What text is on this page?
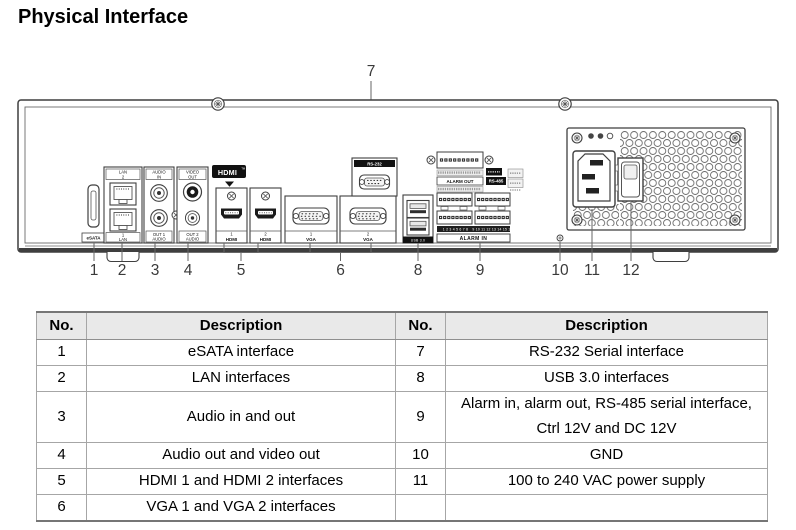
Physical Interface
7
eSATA
LAN
2
1
LAN
AUDIO
IN
OUT 1
AUDIO
VIDEO
OUT
OUT 2
AUDIO
HDMI TM
1
HDMI
2
HDMI
1
VGA
2
VGA
RS-232
USB 3.0
ALARM OUT	RS-485
1 2 3 4 5 6 7 8 9 10 11 12 13 14 15 16
ALARM IN
1 2 3 4	5	6	8	9	10 11 12
No.	Description	No.	Description
1	eSATA interface	7	RS-232 Serial interface
2	LAN interfaces	8	USB 3.0 interfaces
3	Audio in and out	9	Alarm in, alarm out, RS-485 serial interface, Ctrl 12V and DC 12V
4	Audio out and video out	10	GND
5	HDMI 1 and HDMI 2 interfaces	11	100 to 240 VAC power supply
6	VGA 1 and VGA 2 interfaces		
